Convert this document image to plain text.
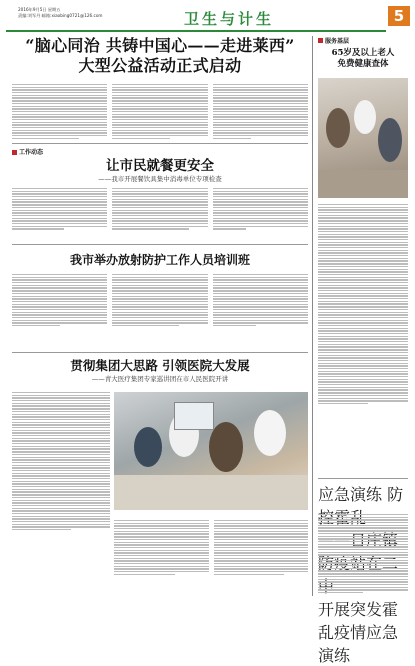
2016年9月5日 星期五
责编:刘军丹 邮箱:xiaobing0721@126.com	卫生与计生	5
“脑心同治 共铸中国心——走进莱西”
大型公益活动正式启动
工作动态
让市民就餐更安全
——我市开展餐饮具集中消毒单位专项检查
我市举办放射防护工作人员培训班
贯彻集团大思路 引领医院大发展
——青大医疗集团专家巡讲团在市人民医院开讲
服务基层
65岁及以上老人
免费健康查体
应急演练 防
开展突发霍乱疫情应急演练
